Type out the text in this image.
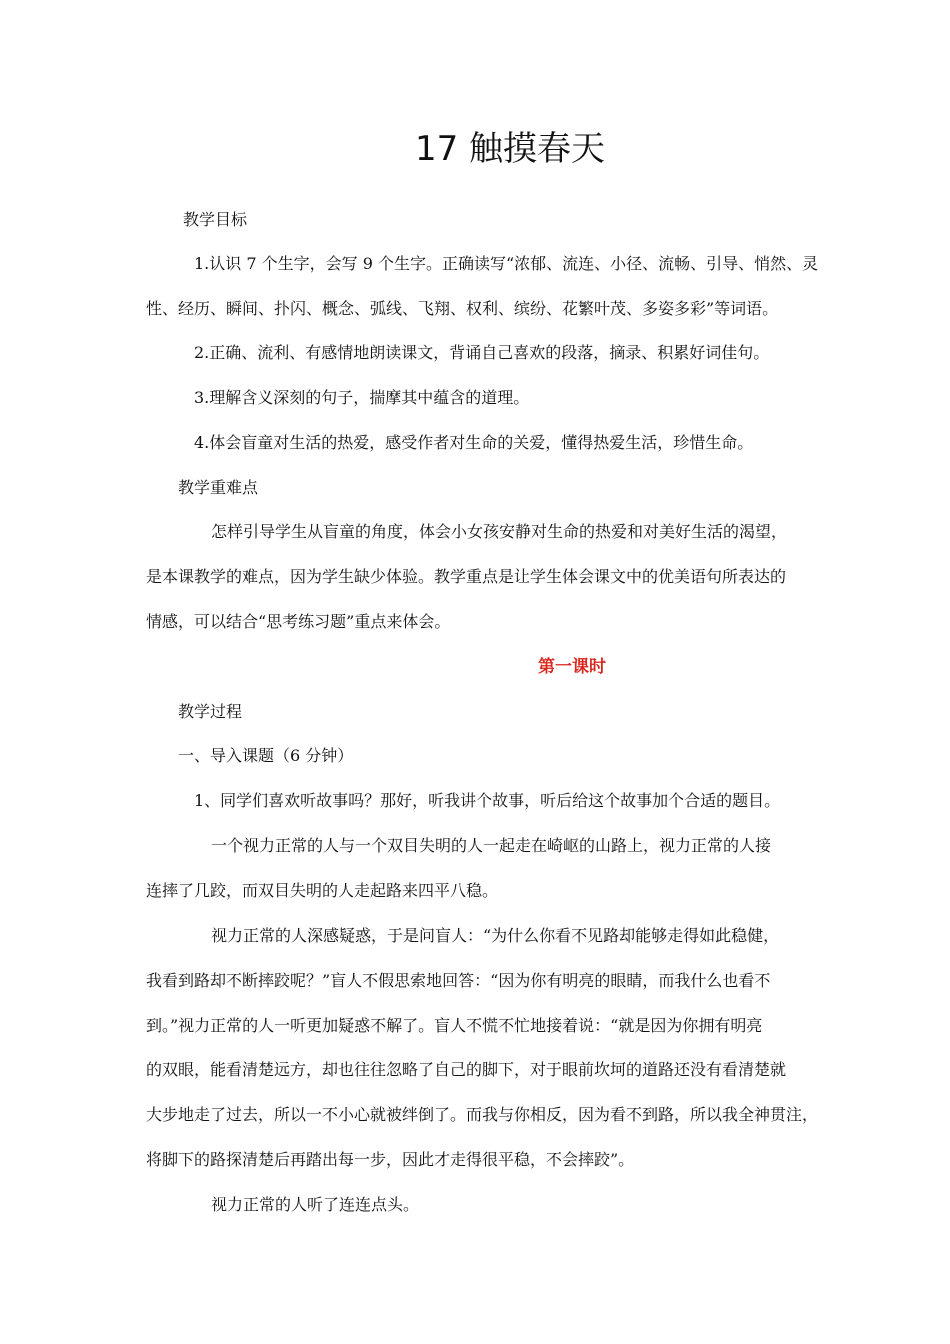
17 触摸春天

教学目标

1.认识 7 个生字，会写 9 个生字。正确读写“浓郁、流连、小径、流畅、引导、悄然、灵

性、经历、瞬间、扑闪、概念、弧线、飞翔、权利、缤纷、花繁叶茂、多姿多彩”等词语。

2.正确、流利、有感情地朗读课文，背诵自己喜欢的段落，摘录、积累好词佳句。

3.理解含义深刻的句子，揣摩其中蕴含的道理。

4.体会盲童对生活的热爱，感受作者对生命的关爱，懂得热爱生活，珍惜生命。

教学重难点

怎样引导学生从盲童的角度，体会小女孩安静对生命的热爱和对美好生活的渴望，

是本课教学的难点，因为学生缺少体验。教学重点是让学生体会课文中的优美语句所表达的

情感，可以结合“思考练习题”重点来体会。

第一课时

教学过程

一、导入课题（6 分钟）

1、同学们喜欢听故事吗？那好，听我讲个故事，听后给这个故事加个合适的题目。

一个视力正常的人与一个双目失明的人一起走在崎岖的山路上，视力正常的人接

连摔了几跤，而双目失明的人走起路来四平八稳。

视力正常的人深感疑惑，于是问盲人：“为什么你看不见路却能够走得如此稳健，

我看到路却不断摔跤呢？”盲人不假思索地回答：“因为你有明亮的眼睛，而我什么也看不

到。”视力正常的人一听更加疑惑不解了。盲人不慌不忙地接着说：“就是因为你拥有明亮

的双眼，能看清楚远方，却也往往忽略了自己的脚下，对于眼前坎坷的道路还没有看清楚就

大步地走了过去，所以一不小心就被绊倒了。而我与你相反，因为看不到路，所以我全神贯注，

将脚下的路探清楚后再踏出每一步，因此才走得很平稳，不会摔跤”。

视力正常的人听了连连点头。
